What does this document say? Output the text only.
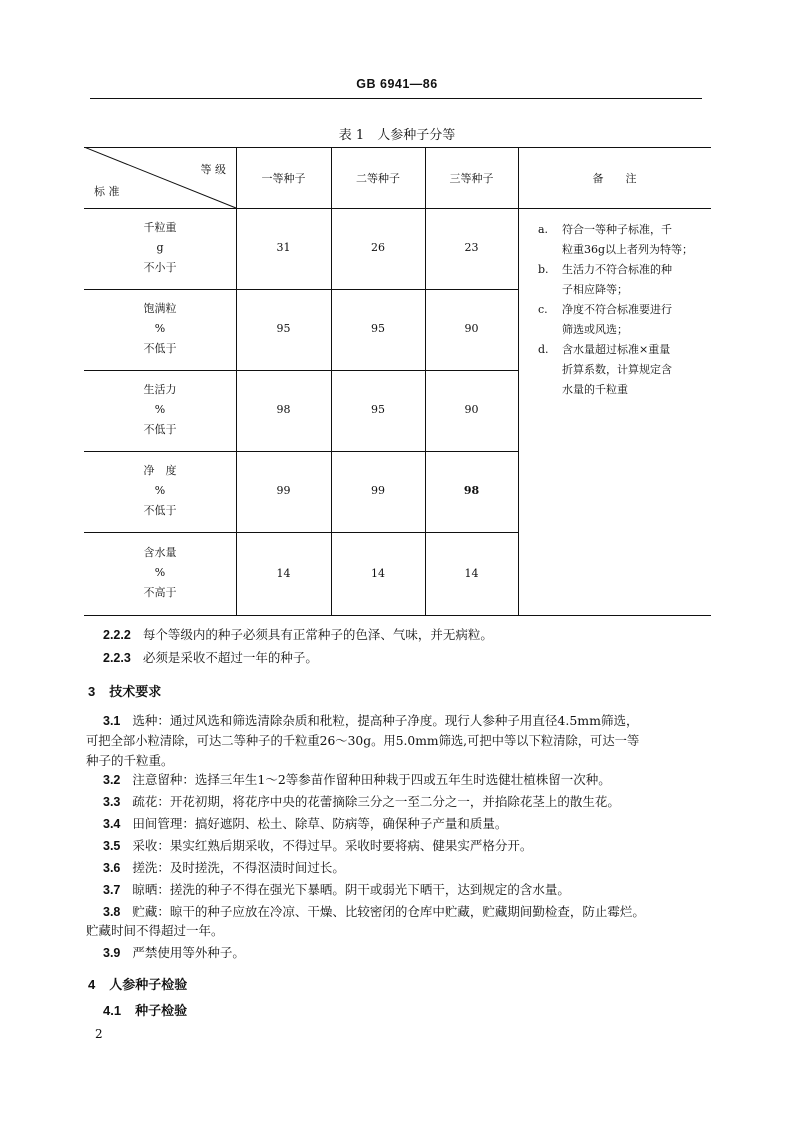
GB 6941—86
表 1　人参种子分等
等 级
标 准
一等种子	二等种子	三等种子	备　　注
千粒重
g
不小于
31	26	23
饱满粒
%
不低于
95	95	90
生活力
%
不低于
98	95	90
净　度
%
不低于
99	99	98
含水量
%
不高于
14	14	14
a.	符合一等种子标准，千
粒重36g以上者列为特等；
b.	生活力不符合标准的种
子相应降等；
c.	净度不符合标准要进行
筛选或风选；
d.	含水量超过标准×重量
折算系数，计算规定含
水量的千粒重
2.2.2 每个等级内的种子必须具有正常种子的色泽、气味，并无病粒。
2.2.3 必须是采收不超过一年的种子。
3 技术要求
3.1 选种：通过风选和筛选清除杂质和秕粒，提高种子净度。现行人参种子用直径4.5mm筛选，
可把全部小粒清除，可达二等种子的千粒重26～30g。用5.0mm筛选,可把中等以下粒清除，可达一等
种子的千粒重。
3.2 注意留种：选择三年生1～2等参苗作留种田种栽于四或五年生时选健壮植株留一次种。
3.3 疏花：开花初期，将花序中央的花蕾摘除三分之一至二分之一，并掐除花茎上的散生花。
3.4 田间管理：搞好遮阴、松土、除草、防病等，确保种子产量和质量。
3.5 采收：果实红熟后期采收，不得过早。采收时要将病、健果实严格分开。
3.6 搓洗：及时搓洗，不得沤渍时间过长。
3.7 晾晒：搓洗的种子不得在强光下暴晒。阴干或弱光下晒干，达到规定的含水量。
3.8 贮藏：晾干的种子应放在冷凉、干燥、比较密闭的仓库中贮藏，贮藏期间勤检查，防止霉烂。
贮藏时间不得超过一年。
3.9 严禁使用等外种子。
4 人参种子检验
4.1 种子检验
2
